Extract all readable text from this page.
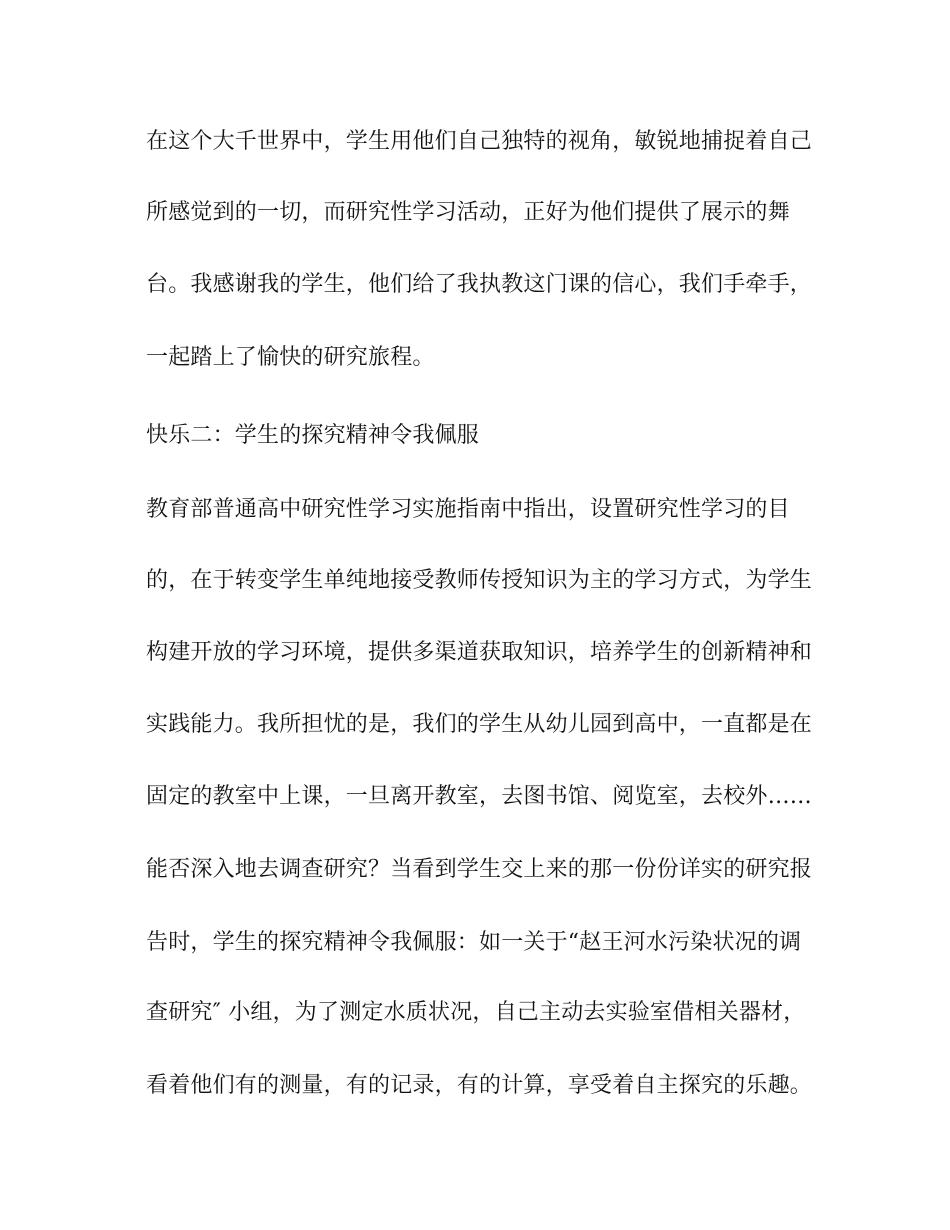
在这个大千世界中，学生用他们自己独特的视角，敏锐地捕捉着自己
所感觉到的一切，而研究性学习活动，正好为他们提供了展示的舞
台。我感谢我的学生，他们给了我执教这门课的信心，我们手牵手，
一起踏上了愉快的研究旅程。
快乐二：学生的探究精神令我佩服
教育部普通高中研究性学习实施指南中指出，设置研究性学习的目
的，在于转变学生单纯地接受教师传授知识为主的学习方式，为学生
构建开放的学习环境，提供多渠道获取知识，培养学生的创新精神和
实践能力。我所担忧的是，我们的学生从幼儿园到高中，一直都是在
固定的教室中上课，一旦离开教室，去图书馆、阅览室，去校外……
能否深入地去调查研究？当看到学生交上来的那一份份详实的研究报
告时，学生的探究精神令我佩服：如一关于“赵王河水污染状况的调
查研究″ 小组，为了测定水质状况，自己主动去实验室借相关器材，
看着他们有的测量，有的记录，有的计算，享受着自主探究的乐趣。
